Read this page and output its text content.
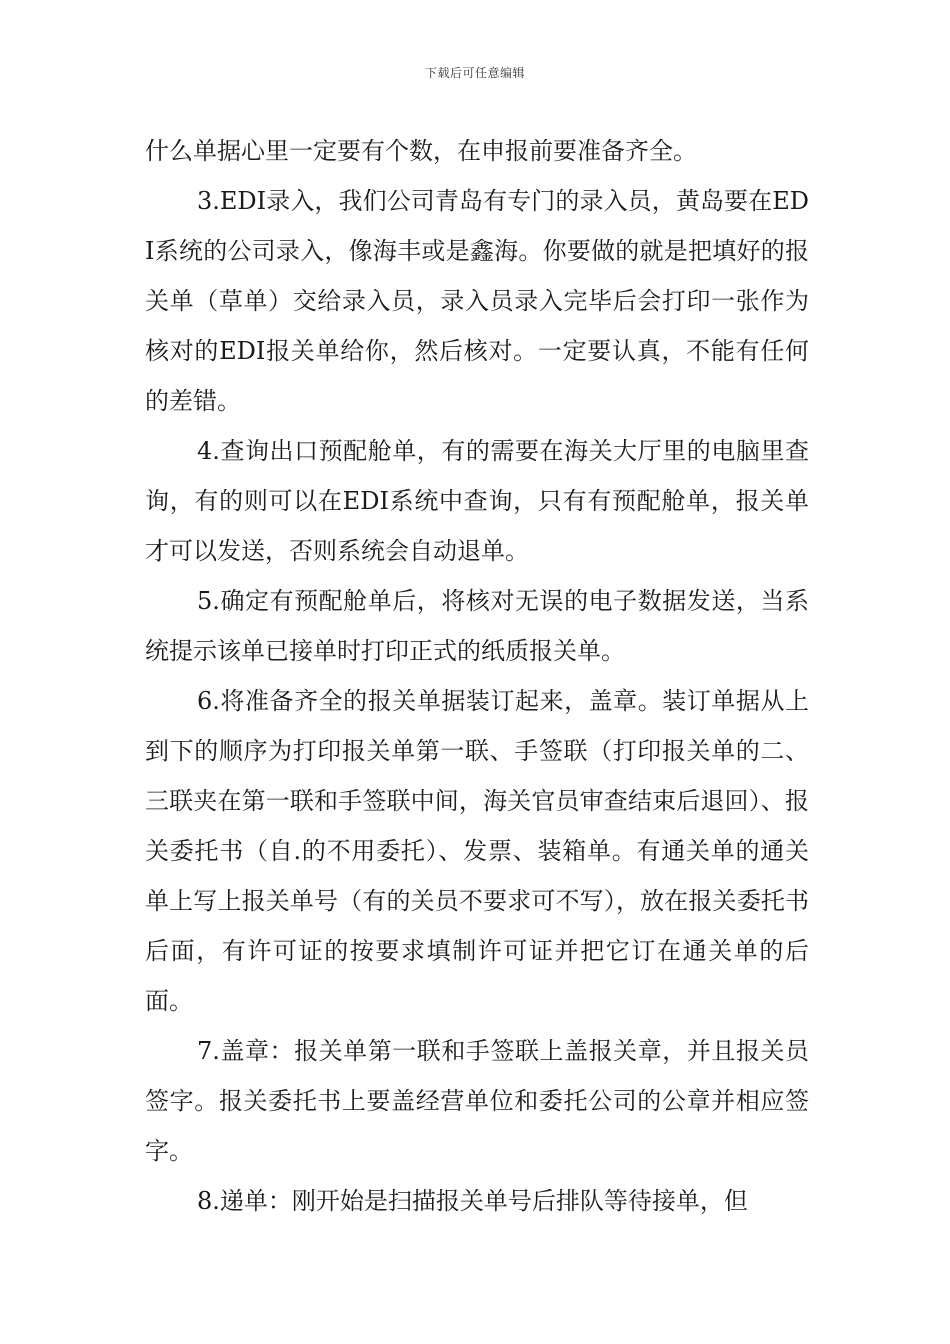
下载后可任意编辑

什么单据心里一定要有个数，在申报前要准备齐全。

3.EDI录入，我们公司青岛有专门的录入员，黄岛要在EDI系统的公司录入，像海丰或是鑫海。你要做的就是把填好的报关单（草单）交给录入员，录入员录入完毕后会打印一张作为核对的EDI报关单给你，然后核对。一定要认真，不能有任何的差错。

4.查询出口预配舱单，有的需要在海关大厅里的电脑里查询，有的则可以在EDI系统中查询，只有有预配舱单，报关单才可以发送，否则系统会自动退单。

5.确定有预配舱单后，将核对无误的电子数据发送，当系统提示该单已接单时打印正式的纸质报关单。

6.将准备齐全的报关单据装订起来，盖章。装订单据从上到下的顺序为打印报关单第一联、手签联（打印报关单的二、三联夹在第一联和手签联中间，海关官员审查结束后退回）、报关委托书（自.的不用委托）、发票、装箱单。有通关单的通关单上写上报关单号（有的关员不要求可不写），放在报关委托书后面，有许可证的按要求填制许可证并把它订在通关单的后面。

7.盖章：报关单第一联和手签联上盖报关章，并且报关员签字。报关委托书上要盖经营单位和委托公司的公章并相应签字。

8.递单：刚开始是扫描报关单号后排队等待接单，但
